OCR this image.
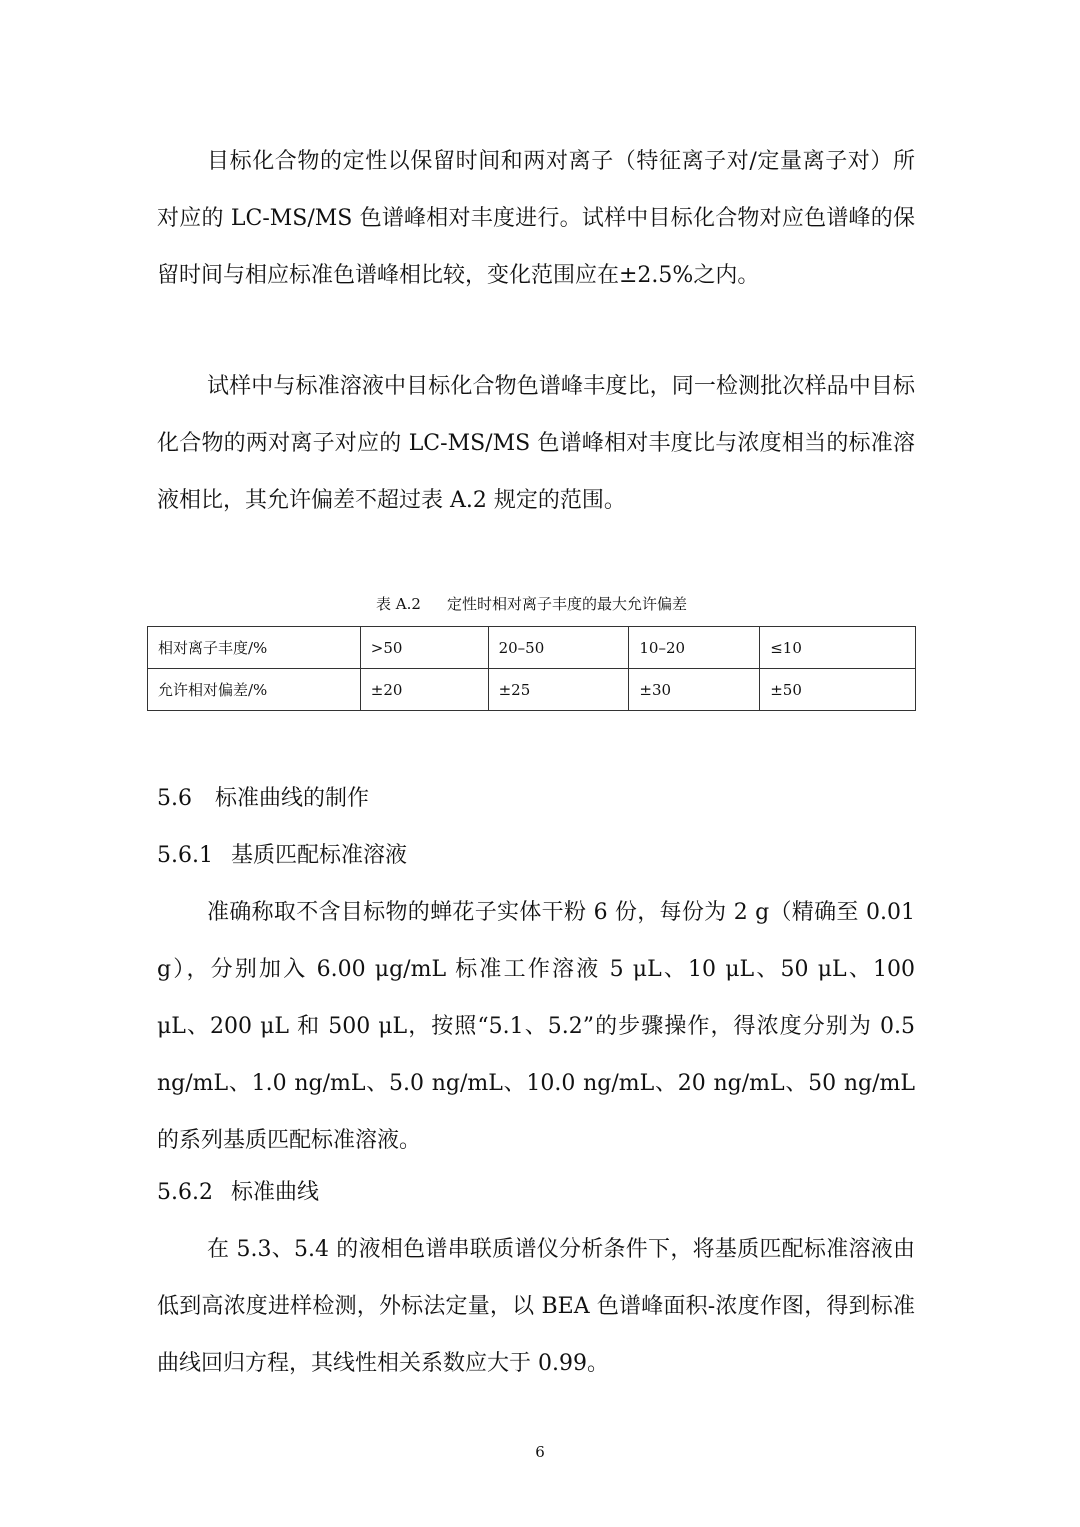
目标化合物的定性以保留时间和两对离子（特征离子对/定量离子对）所对应的 LC-MS/MS 色谱峰相对丰度进行。试样中目标化合物对应色谱峰的保留时间与相应标准色谱峰相比较，变化范围应在±2.5%之内。

试样中与标准溶液中目标化合物色谱峰丰度比，同一检测批次样品中目标化合物的两对离子对应的 LC-MS/MS 色谱峰相对丰度比与浓度相当的标准溶液相比，其允许偏差不超过表 A.2 规定的范围。

表 A.2 定性时相对离子丰度的最大允许偏差
相对离子丰度/%	>50	20–50	10–20	≤10
允许相对偏差/%	±20	±25	±30	±50
5.6 标准曲线的制作
5.6.1 基质匹配标准溶液

准确称取不含目标物的蝉花子实体干粉 6 份，每份为 2 g（精确至 0.01 g），分别加入 6.00 μg/mL 标准工作溶液 5 μL、10 μL、50 μL、100 μL、200 μL 和 500 μL，按照“5.1、5.2”的步骤操作，得浓度分别为 0.5 ng/mL、1.0 ng/mL、5.0 ng/mL、10.0 ng/mL、20 ng/mL、50 ng/mL 的系列基质匹配标准溶液。

5.6.2 标准曲线

在 5.3、5.4 的液相色谱串联质谱仪分析条件下，将基质匹配标准溶液由低到高浓度进样检测，外标法定量，以 BEA 色谱峰面积-浓度作图，得到标准曲线回归方程，其线性相关系数应大于 0.99。

6
